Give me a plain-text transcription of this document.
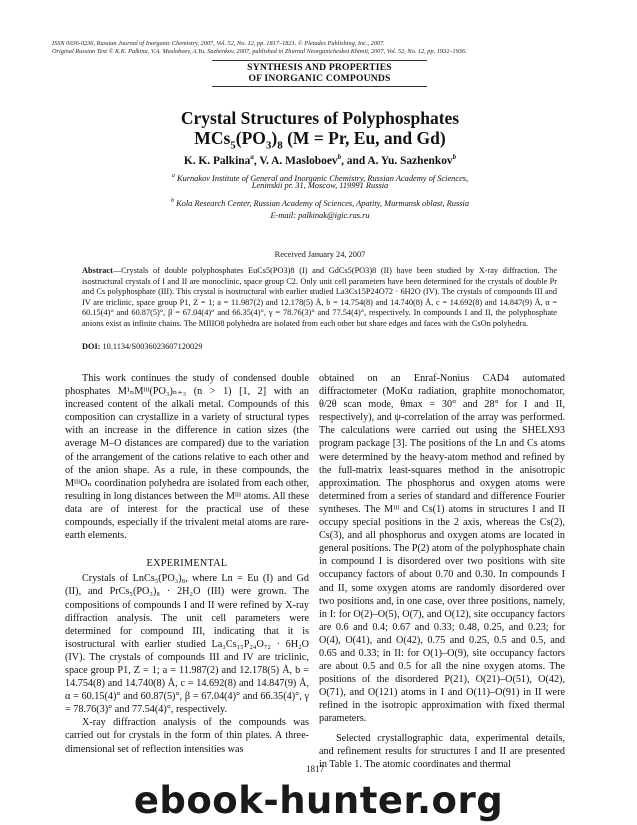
ISSN 0036-0236, Russian Journal of Inorganic Chemistry, 2007, Vol. 52, No. 12, pp. 1817–1821. © Pleiades Publishing, Inc., 2007.
Original Russian Text © K.K. Palkina, V.A. Masloboev, A.Yu. Sazhenkov, 2007, published in Zhurnal Neorganicheskoi Khimii, 2007, Vol. 52, No. 12, pp. 1932–1936.
SYNTHESIS AND PROPERTIES
OF INORGANIC COMPOUNDS
Crystal Structures of Polyphosphates
$MCs_5(PO_3)_8$ (M = Pr, Eu, and Gd)
K. K. Palkina$^a$, V. A. Masloboev$^b$, and A. Yu. Sazhenkov$^b$
$^a$ Kurnakov Institute of General and Inorganic Chemistry, Russian Academy of Sciences,
Leninskii pr. 31, Moscow, 119991 Russia
$^b$ Kola Research Center, Russian Academy of Sciences, Apatity, Murmansk oblast, Russia
E-mail: palkinak@igic.ras.ru
Received January 24, 2007
Abstract—Crystals of double polyphosphates EuCs5(PO3)8 (I) and GdCs5(PO3)8 (II) have been studied by X-ray diffraction. The isostructural crystals of I and II are monoclinic, space group C2. Only unit cell parameters have been determined for the crystals of double Pr and Cs polyphosphate (III). This crystal is isostructural with earlier studied La3Cs15P24O72 · 6H2O (IV). The crystals of compounds III and IV are triclinic, space group P1, Z = 1; a = 11.987(2) and 12.178(5) Å, b = 14.754(8) and 14.740(8) Å, c = 14.692(8) and 14.847(9) Å, α = 60.15(4)° and 60.87(5)°, β = 67.04(4)° and 66.35(4)°, γ = 78.76(3)° and 77.54(4)°, respectively. In compounds I and II, the polyphosphate anions exist as infinite chains. The MIIIO8 polyhedra are isolated from each other but share edges and faces with the CsOn polyhedra.
DOI: 10.1134/S0036023607120029

This work continues the study of condensed double phosphates M¹ₙMᴵᴵᴵ(PO₃)ₙ₊₃ (n > 1) [1, 2] with an increased content of the alkali metal. Compounds of this composition can crystallize in a variety of structural types with an increase in the difference in cation sizes (the average M–O distances are compared) due to the variation of the arrangement of the cations relative to each other and of the anion shape. As a rule, in these compounds, the MᴵᴵᴵOₙ coordination polyhedra are isolated from each other, resulting in long distances between the Mᴵᴵᴵ atoms. All these data are of interest for the practical use of these compounds, especially if the trivalent metal atoms are rare-earth elements.

EXPERIMENTAL

Crystals of LnCs₅(PO₃)₈, where Ln = Eu (I) and Gd (II), and PrCs₅(PO₃)₈ · 2H₂O (III) were grown. The compositions of compounds I and II were refined by X-ray diffraction analysis. The unit cell parameters were determined for compound III, indicating that it is isostructural with earlier studied La₃Cs₁₅P₂₄O₇₂ · 6H₂O (IV). The crystals of compounds III and IV are triclinic, space group P1, Z = 1; a = 11.987(2) and 12.178(5) Å, b = 14.754(8) and 14.740(8) Å, c = 14.692(8) and 14.847(9) Å, α = 60.15(4)° and 60.87(5)°, β = 67.04(4)° and 66.35(4)°, γ = 78.76(3)° and 77.54(4)°, respectively.

X-ray diffraction analysis of the compounds was carried out for crystals in the form of thin plates. A three-dimensional set of reflection intensities was

obtained on an Enraf-Nonius CAD4 automated diffractometer (MoKα radiation, graphite monochomator, θ/2θ scan mode, θmax = 30° and 28° for I and II, respectively), and ψ-correlation of the array was performed. The calculations were carried out using the SHELX93 program package [3]. The positions of the Ln and Cs atoms were determined by the heavy-atom method and refined by the full-matrix least-squares method in the anisotropic approximation. The phosphorus and oxygen atoms were determined from a series of standard and difference Fourier syntheses. The Mᴵᴵᴵ and Cs(1) atoms in structures I and II occupy special positions in the 2 axis, whereas the Cs(2), Cs(3), and all phosphorus and oxygen atoms are located in general positions. The P(2) atom of the polyphosphate chain in compound I is disordered over two positions with site occupancy factors of about 0.70 and 0.30. In compounds I and II, some oxygen atoms are randomly disordered over two positions and, in one case, over three positions, namely, in I: for O(2)–O(5), O(7), and O(12), site occupancy factors are 0.6 and 0.4; 0.67 and 0.33; 0.48, 0.25, and 0.23; for O(4), O(41), and O(42), 0.75 and 0.25, 0.5 and 0.5, and 0.65 and 0.33; in II: for O(1)–O(9), site occupancy factors are about 0.5 and 0.5 for all the nine oxygen atoms. The positions of the disordered P(21), O(21)–O(51), O(42), O(71), and O(121) atoms in I and O(11)–O(91) in II were refined in the isotropic approximation with fixed thermal parameters.

Selected crystallographic data, experimental details, and refinement results for structures I and II are presented in Table 1. The atomic coordinates and thermal

1817
ebook-hunter.org
